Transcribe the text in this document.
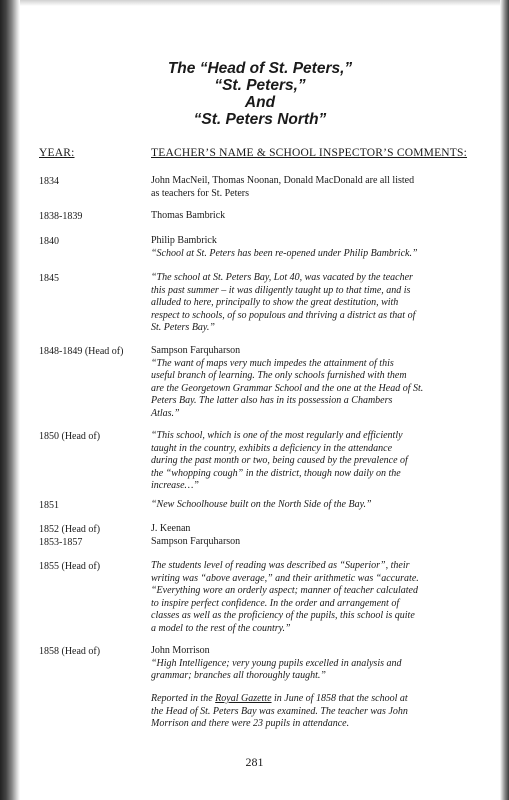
The “Head of St. Peters,”
“St. Peters,”
And
“St. Peters North”
YEAR:	TEACHER’S NAME & SCHOOL INSPECTOR’S COMMENTS:
1834	John MacNeil, Thomas Noonan, Donald MacDonald are all listed
as teachers for St. Peters
1838-1839	Thomas Bambrick
1840	Philip Bambrick
“School at St. Peters has been re-opened under Philip Bambrick.”
1845	“The school at St. Peters Bay, Lot 40, was vacated by the teacher
this past summer – it was diligently taught up to that time, and is
alluded to here, principally to show the great destitution, with
respect to schools, of so populous and thriving a district as that of
St. Peters Bay.”
1848-1849 (Head of)	Sampson Farquharson
“The want of maps very much impedes the attainment of this
useful branch of learning. The only schools furnished with them
are the Georgetown Grammar School and the one at the Head of St.
Peters Bay. The latter also has in its possession a Chambers
Atlas.”
1850 (Head of)	“This school, which is one of the most regularly and efficiently
taught in the country, exhibits a deficiency in the attendance
during the past month or two, being caused by the prevalence of
the “whopping cough” in the district, though now daily on the
increase…”
1851	“New Schoolhouse built on the North Side of the Bay.”
1852 (Head of)	J. Keenan
1853-1857	Sampson Farquharson
1855 (Head of)	The students level of reading was described as “Superior”, their
writing was “above average,” and their arithmetic was “accurate.
“Everything wore an orderly aspect; manner of teacher calculated
to inspire perfect confidence. In the order and arrangement of
classes as well as the proficiency of the pupils, this school is quite
a model to the rest of the country.”
1858 (Head of)	John Morrison
“High Intelligence; very young pupils excelled in analysis and
grammar; branches all thoroughly taught.”
Reported in the Royal Gazette in June of 1858 that the school at
the Head of St. Peters Bay was examined. The teacher was John
Morrison and there were 23 pupils in attendance.
281
